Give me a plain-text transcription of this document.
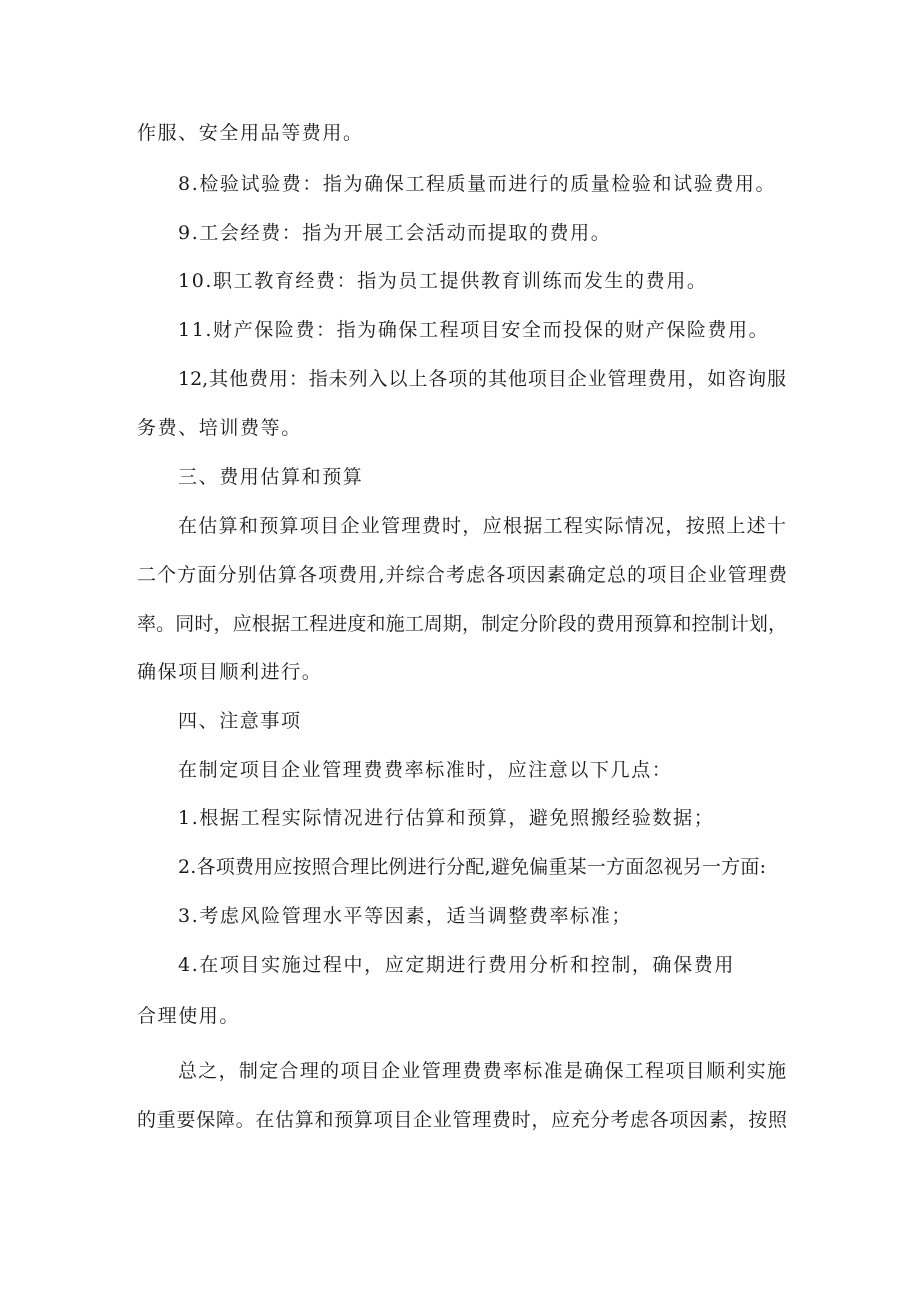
作服、安全用品等费用。
8.检验试验费：指为确保工程质量而进行的质量检验和试验费用。
9.工会经费：指为开展工会活动而提取的费用。
10.职工教育经费：指为员工提供教育训练而发生的费用。
11.财产保险费：指为确保工程项目安全而投保的财产保险费用。
12,其他费用：指未列入以上各项的其他项目企业管理费用，如咨询服
务费、培训费等。
三、费用估算和预算
在估算和预算项目企业管理费时，应根据工程实际情况，按照上述十
二个方面分别估算各项费用,并综合考虑各项因素确定总的项目企业管理费
率。同时，应根据工程进度和施工周期，制定分阶段的费用预算和控制计划，
确保项目顺利进行。
四、注意事项
在制定项目企业管理费费率标准时，应注意以下几点：
1.根据工程实际情况进行估算和预算，避免照搬经验数据；
2.各项费用应按照合理比例进行分配,避免偏重某一方面忽视另一方面:
3.考虑风险管理水平等因素，适当调整费率标准；
4.在项目实施过程中，应定期进行费用分析和控制，确保费用
合理使用。
总之，制定合理的项目企业管理费费率标准是确保工程项目顺利实施
的重要保障。在估算和预算项目企业管理费时，应充分考虑各项因素，按照
